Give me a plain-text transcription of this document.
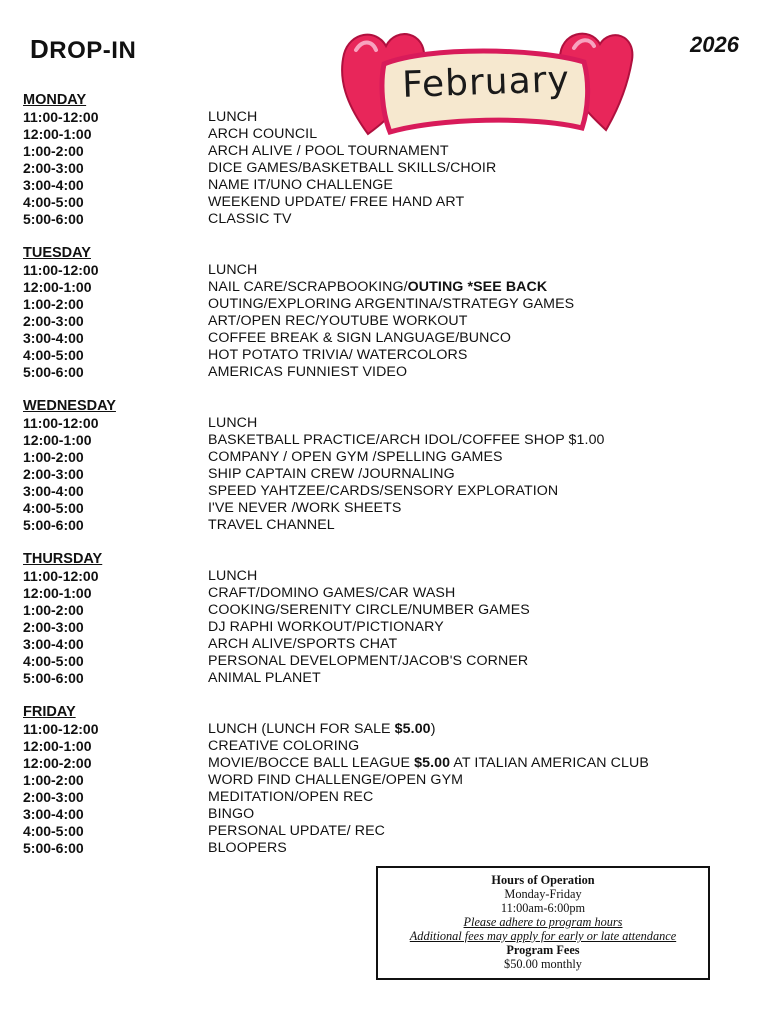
DROP-IN
February
2026
MONDAY
11:00-12:00	LUNCH
12:00-1:00	ARCH COUNCIL
1:00-2:00	ARCH ALIVE / POOL TOURNAMENT
2:00-3:00	DICE GAMES/BASKETBALL SKILLS/CHOIR
3:00-4:00	NAME IT/UNO CHALLENGE
4:00-5:00	WEEKEND UPDATE/ FREE HAND ART
5:00-6:00	CLASSIC TV
TUESDAY
11:00-12:00	LUNCH
12:00-1:00	NAIL CARE/SCRAPBOOKING/OUTING *SEE BACK
1:00-2:00	OUTING/EXPLORING ARGENTINA/STRATEGY GAMES
2:00-3:00	ART/OPEN REC/YOUTUBE WORKOUT
3:00-4:00	COFFEE BREAK & SIGN LANGUAGE/BUNCO
4:00-5:00	HOT POTATO TRIVIA/ WATERCOLORS
5:00-6:00	AMERICAS FUNNIEST VIDEO
WEDNESDAY
11:00-12:00	LUNCH
12:00-1:00	BASKETBALL PRACTICE/ARCH IDOL/COFFEE SHOP $1.00
1:00-2:00	COMPANY / OPEN GYM /SPELLING GAMES
2:00-3:00	SHIP CAPTAIN CREW /JOURNALING
3:00-4:00	SPEED YAHTZEE/CARDS/SENSORY EXPLORATION
4:00-5:00	I'VE NEVER /WORK SHEETS
5:00-6:00	TRAVEL CHANNEL
THURSDAY
11:00-12:00	LUNCH
12:00-1:00	CRAFT/DOMINO GAMES/CAR WASH
1:00-2:00	COOKING/SERENITY CIRCLE/NUMBER GAMES
2:00-3:00	DJ RAPHI WORKOUT/PICTIONARY
3:00-4:00	ARCH ALIVE/SPORTS CHAT
4:00-5:00	PERSONAL DEVELOPMENT/JACOB'S CORNER
5:00-6:00	ANIMAL PLANET
FRIDAY
11:00-12:00	LUNCH (LUNCH FOR SALE $5.00)
12:00-1:00	CREATIVE COLORING
12:00-2:00	MOVIE/BOCCE BALL LEAGUE $5.00 AT ITALIAN AMERICAN CLUB
1:00-2:00	WORD FIND CHALLENGE/OPEN GYM
2:00-3:00	MEDITATION/OPEN REC
3:00-4:00	BINGO
4:00-5:00	PERSONAL UPDATE/ REC
5:00-6:00	BLOOPERS
Hours of Operation
Monday-Friday
11:00am-6:00pm
Please adhere to program hours
Additional fees may apply for early or late attendance
Program Fees
$50.00 monthly
